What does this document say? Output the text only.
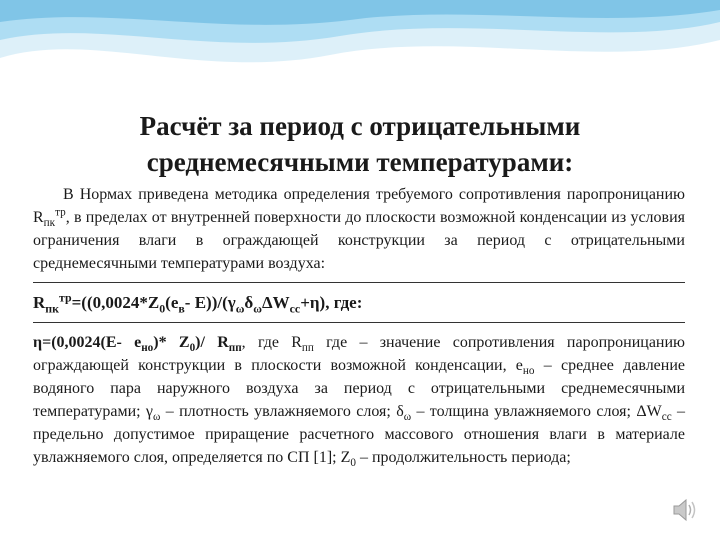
Расчёт за период с отрицательными
среднемесячными температурами:

В Нормах приведена методика определения требуемого сопротивления паропроницанию $R_{пк}^{тр}$, в пределах от внутренней поверхности до плоскости возможной конденсации из условия ограничения влаги в ограждающей конструкции за период с отрицательными среднемесячными температурами воздуха:

$R_{пк}^{тр}=((0,0024*Z_0(е_в-$ $Е))/(\gamma_\omega\delta_\omega\Delta W_{сс}+\eta)$, где:

η=(0,0024(Е- $е_{но})*$ $Z_0)/$ $R_{пп}$, где $R_{пп}$ где – значение сопротивления паропроницанию ограждающей конструкции в плоскости возможной конденсации, $е_{но}$ – среднее давление водяного пара наружного воздуха за период с отрицательными среднемесячными температурами; $\gamma_\omega$ – плотность увлажняемого слоя; $\delta_\omega$ – толщина увлажняемого слоя; $\Delta W_{сс}$ – предельно допустимое приращение расчетного массового отношения влаги в материале увлажняемого слоя, определяется по СП [1]; $Z_0$ – продолжительность периода;
